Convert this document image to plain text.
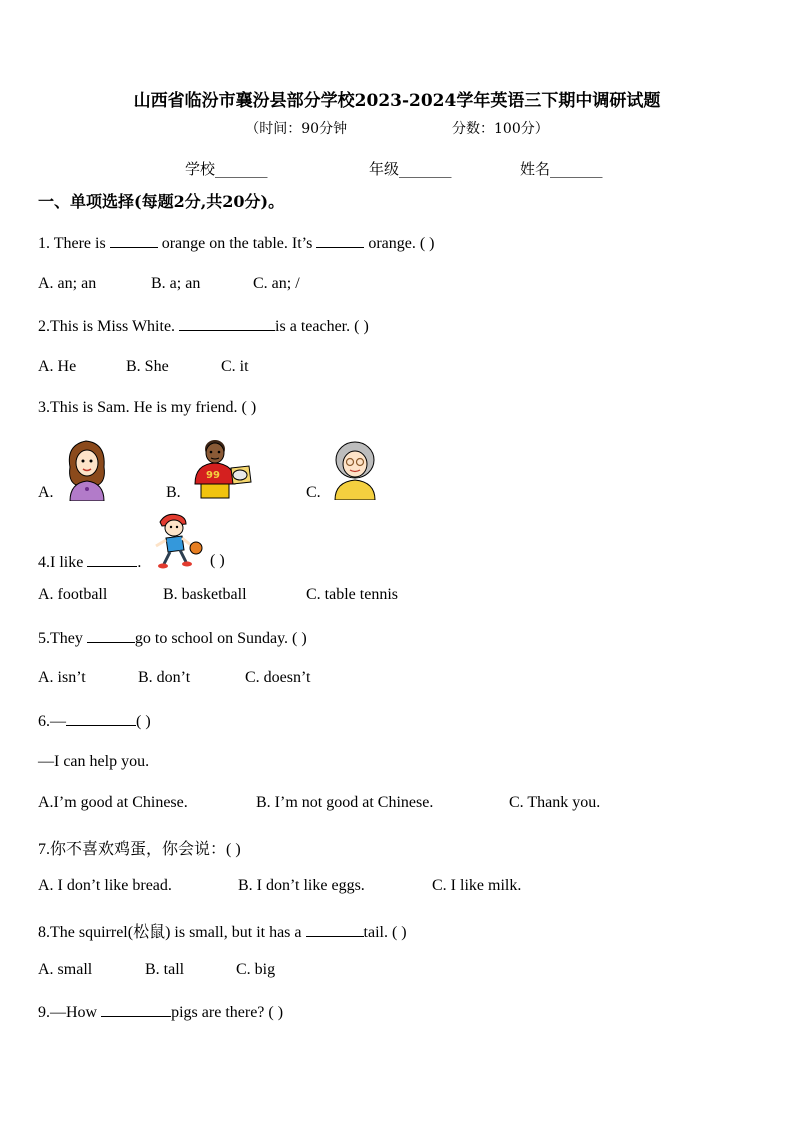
山西省临汾市襄汾县部分学校2023-2024学年英语三下期中调研试题
（时间：90分钟	分数：100分）
学校_______	年级_______	姓名_______
一、单项选择(每题2分,共20分)。
1. There is	orange on the table. It’s	orange. ( )
A. an; an	B. a; an	C. an; /
2.This is Miss White.	is a teacher. ( )
A. He	B. She	C. it
3.This is Sam. He is my friend. ( )
A.	B.
99
C.
4.I like	.	( )
A. football	B. basketball	C. table tennis
5.They	go to school on Sunday. ( )
A. isn’t	B. don’t	C. doesn’t
6.—	( )
—I can help you.
A.I’m good at Chinese.	B. I’m not good at Chinese.	C. Thank you.
7.你不喜欢鸡蛋，你会说：( )
A. I don’t like bread.	B. I don’t like eggs.	C. I like milk.
8.The squirrel(松鼠) is small, but it has a	tail. ( )
A. small	B. tall	C. big
9.—How	pigs are there? ( )
